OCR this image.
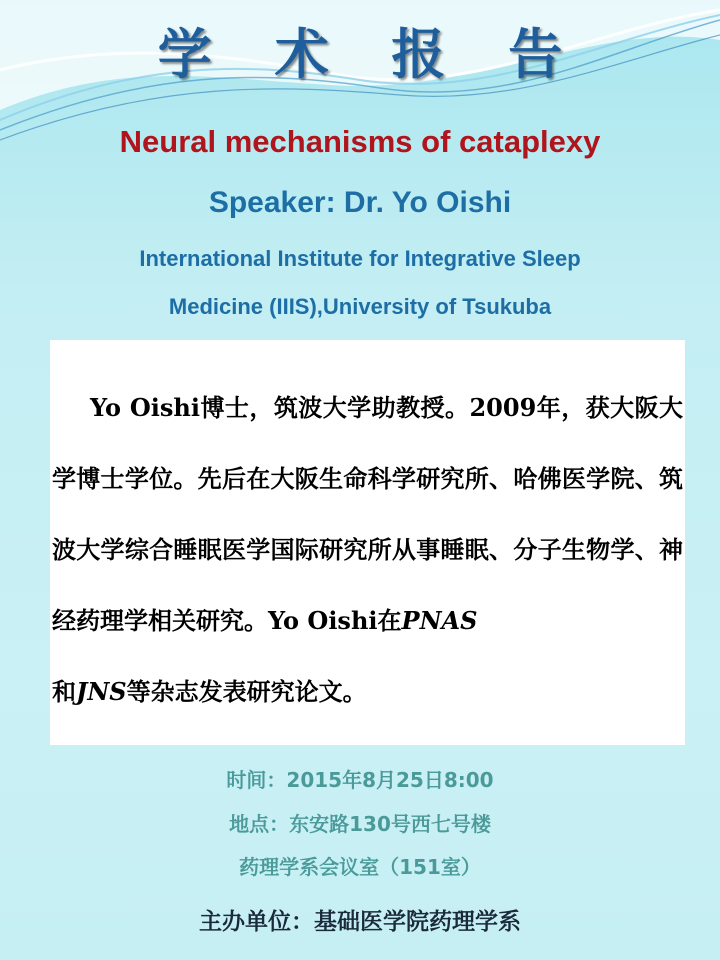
学 术 报 告
Neural mechanisms of cataplexy
Speaker: Dr. Yo Oishi
International Institute for Integrative Sleep
Medicine (IIIS),University of Tsukuba
Yo Oishi博士，筑波大学助教授。2009年，获大阪大学博士学位。先后在大阪生命科学研究所、哈佛医学院、筑波大学综合睡眠医学国际研究所从事睡眠、分子生物学、神经药理学相关研究。Yo Oishi在PNAS
和JNS等杂志发表研究论文。
时间：2015年8月25日8:00
地点：东安路130号西七号楼
药理学系会议室（151室）
主办单位：基础医学院药理学系
